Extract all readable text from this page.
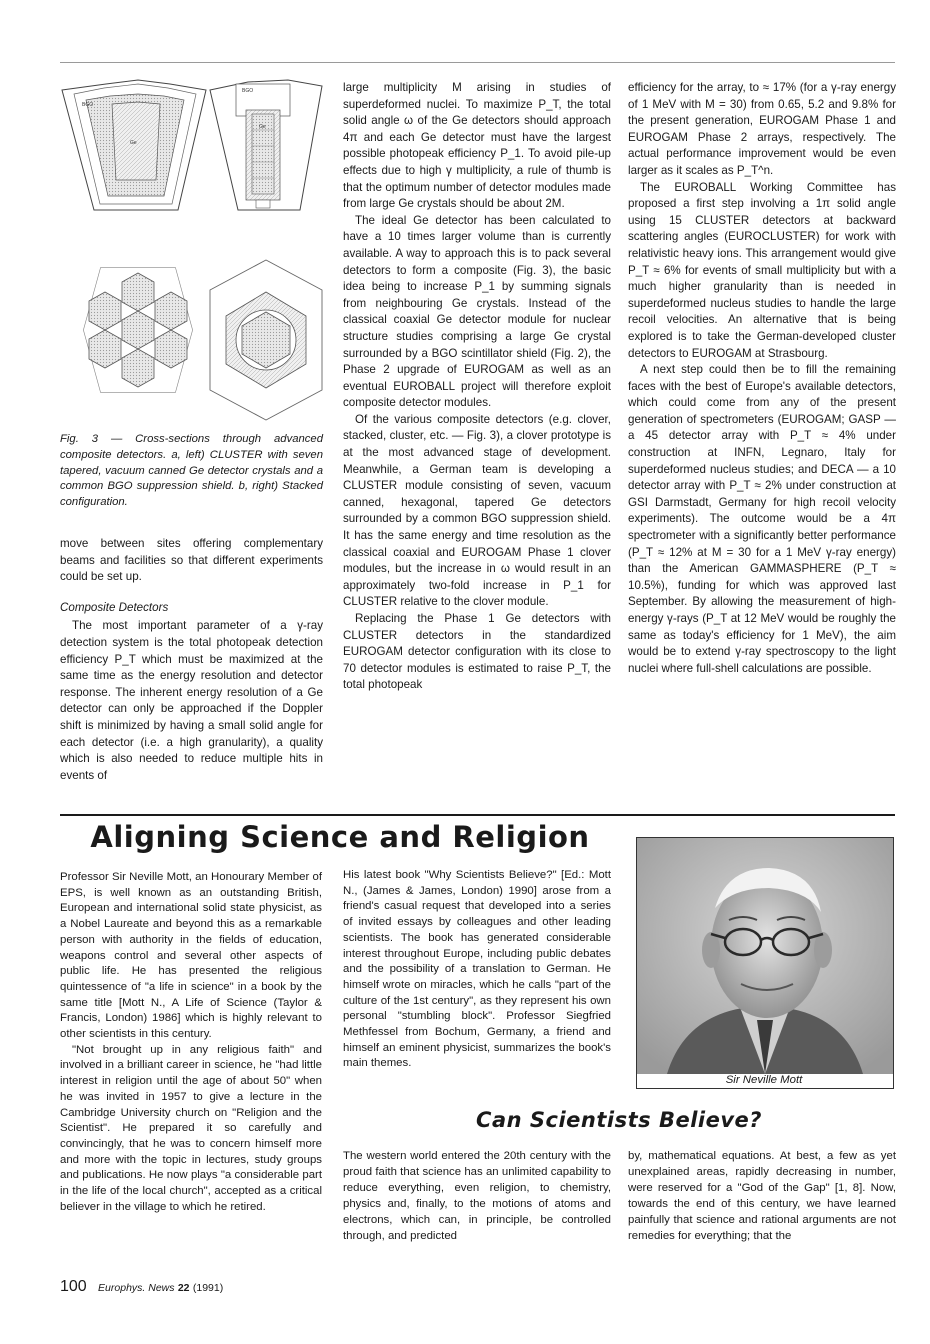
BGO
Ge
BGO
Ge
Fig. 3 — Cross-sections through advanced composite detectors. a, left) CLUSTER with seven tapered, vacuum canned Ge detector crystals and a common BGO suppression shield. b, right) Stacked configuration.

move between sites offering complementary beams and facilities so that different experiments could be set up.

Composite Detectors

The most important parameter of a γ-ray detection system is the total photopeak detection efficiency P_T which must be maximized at the same time as the energy resolution and detector response. The inherent energy resolution of a Ge detector can only be approached if the Doppler shift is minimized by having a small solid angle for each detector (i.e. a high granularity), a quality which is also needed to reduce multiple hits in events of

large multiplicity M arising in studies of superdeformed nuclei. To maximize P_T, the total solid angle ω of the Ge detectors should approach 4π and each Ge detector must have the largest possible photopeak efficiency P_1. To avoid pile-up effects due to high γ multiplicity, a rule of thumb is that the optimum number of detector modules made from large Ge crystals should be about 2M.

The ideal Ge detector has been calculated to have a 10 times larger volume than is currently available. A way to approach this is to pack several detectors to form a composite (Fig. 3), the basic idea being to increase P_1 by summing signals from neighbouring Ge crystals. Instead of the classical coaxial Ge detector module for nuclear structure studies comprising a large Ge crystal surrounded by a BGO scintillator shield (Fig. 2), the Phase 2 upgrade of EUROGAM as well as an eventual EUROBALL project will therefore exploit composite detector modules.

Of the various composite detectors (e.g. clover, stacked, cluster, etc. — Fig. 3), a clover prototype is at the most advanced stage of development. Meanwhile, a German team is developing a CLUSTER module consisting of seven, vacuum canned, hexagonal, tapered Ge detectors surrounded by a common BGO suppression shield. It has the same energy and time resolution as the classical coaxial and EUROGAM Phase 1 clover modules, but the increase in ω would result in an approximately two-fold increase in P_1 for CLUSTER relative to the clover module.

Replacing the Phase 1 Ge detectors with CLUSTER detectors in the standardized EUROGAM detector configuration with its close to 70 detector modules is estimated to raise P_T, the total photopeak

efficiency for the array, to ≈ 17% (for a γ-ray energy of 1 MeV with M = 30) from 0.65, 5.2 and 9.8% for the present generation, EUROGAM Phase 1 and EUROGAM Phase 2 arrays, respectively. The actual performance improvement would be even larger as it scales as P_T^n.

The EUROBALL Working Committee has proposed a first step involving a 1π solid angle using 15 CLUSTER detectors at backward scattering angles (EUROCLUSTER) for work with relativistic heavy ions. This arrangement would give P_T ≈ 6% for events of small multiplicity but with a much higher granularity than is needed in superdeformed nucleus studies to handle the large recoil velocities. An alternative that is being explored is to take the German-developed cluster detectors to EUROGAM at Strasbourg.

A next step could then be to fill the remaining faces with the best of Europe's available detectors, which could come from any of the present generation of spectrometers (EUROGAM; GASP — a 45 detector array with P_T ≈ 4% under construction at INFN, Legnaro, Italy for superdeformed nucleus studies; and DECA — a 10 detector array with P_T ≈ 2% under construction at GSI Darmstadt, Germany for high recoil velocity experiments). The outcome would be a 4π spectrometer with a significantly better performance (P_T ≈ 12% at M = 30 for a 1 MeV γ-ray energy) than the American GAMMASPHERE (P_T ≈ 10.5%), funding for which was approved last September. By allowing the measurement of high-energy γ-rays (P_T at 12 MeV would be roughly the same as today's efficiency for 1 MeV), the aim would be to extend γ-ray spectroscopy to the light nuclei where full-shell calculations are possible.

Aligning Science and Religion

Professor Sir Neville Mott, an Honourary Member of EPS, is well known as an outstanding British, European and international solid state physicist, as a Nobel Laureate and beyond this as a remarkable person with authority in the fields of education, weapons control and several other aspects of public life. He has presented the religious quintessence of "a life in science" in a book by the same title [Mott N., A Life of Science (Taylor & Francis, London) 1986] which is highly relevant to other scientists in this century.

"Not brought up in any religious faith" and involved in a brilliant career in science, he "had little interest in religion until the age of about 50" when he was invited in 1957 to give a lecture in the Cambridge University church on "Religion and the Scientist". He prepared it so carefully and convincingly, that he was to concern himself more and more with the topic in lectures, study groups and publications. He now plays "a considerable part in the life of the local church", accepted as a critical believer in the village to which he retired.

His latest book "Why Scientists Believe?" [Ed.: Mott N., (James & James, London) 1990] arose from a friend's casual request that developed into a series of invited essays by colleagues and other leading scientists. The book has generated considerable interest throughout Europe, including public debates and the possibility of a translation to German. He himself wrote on miracles, which he calls "part of the culture of the 1st century", as they represent his own personal "stumbling block". Professor Siegfried Methfessel from Bochum, Germany, a friend and himself an eminent physicist, summarizes the book's main themes.

Sir Neville Mott
Can Scientists Believe?

The western world entered the 20th century with the proud faith that science has an unlimited capability to reduce everything, even religion, to chemistry, physics and, finally, to the motions of atoms and electrons, which can, in principle, be controlled through, and predicted

by, mathematical equations. At best, a few as yet unexplained areas, rapidly decreasing in number, were reserved for a "God of the Gap" [1, 8]. Now, towards the end of this century, we have learned painfully that science and rational arguments are not remedies for everything; that the

100 Europhys. News 22 (1991)
